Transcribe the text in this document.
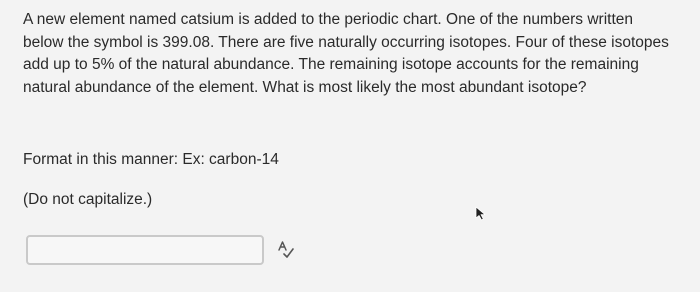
A new element named catsium is added to the periodic chart. One of the numbers written below the symbol is 399.08. There are five naturally occurring isotopes. Four of these isotopes add up to 5% of the natural abundance. The remaining isotope accounts for the remaining natural abundance of the element. What is most likely the most abundant isotope?

Format in this manner: Ex: carbon-14
(Do not capitalize.)
